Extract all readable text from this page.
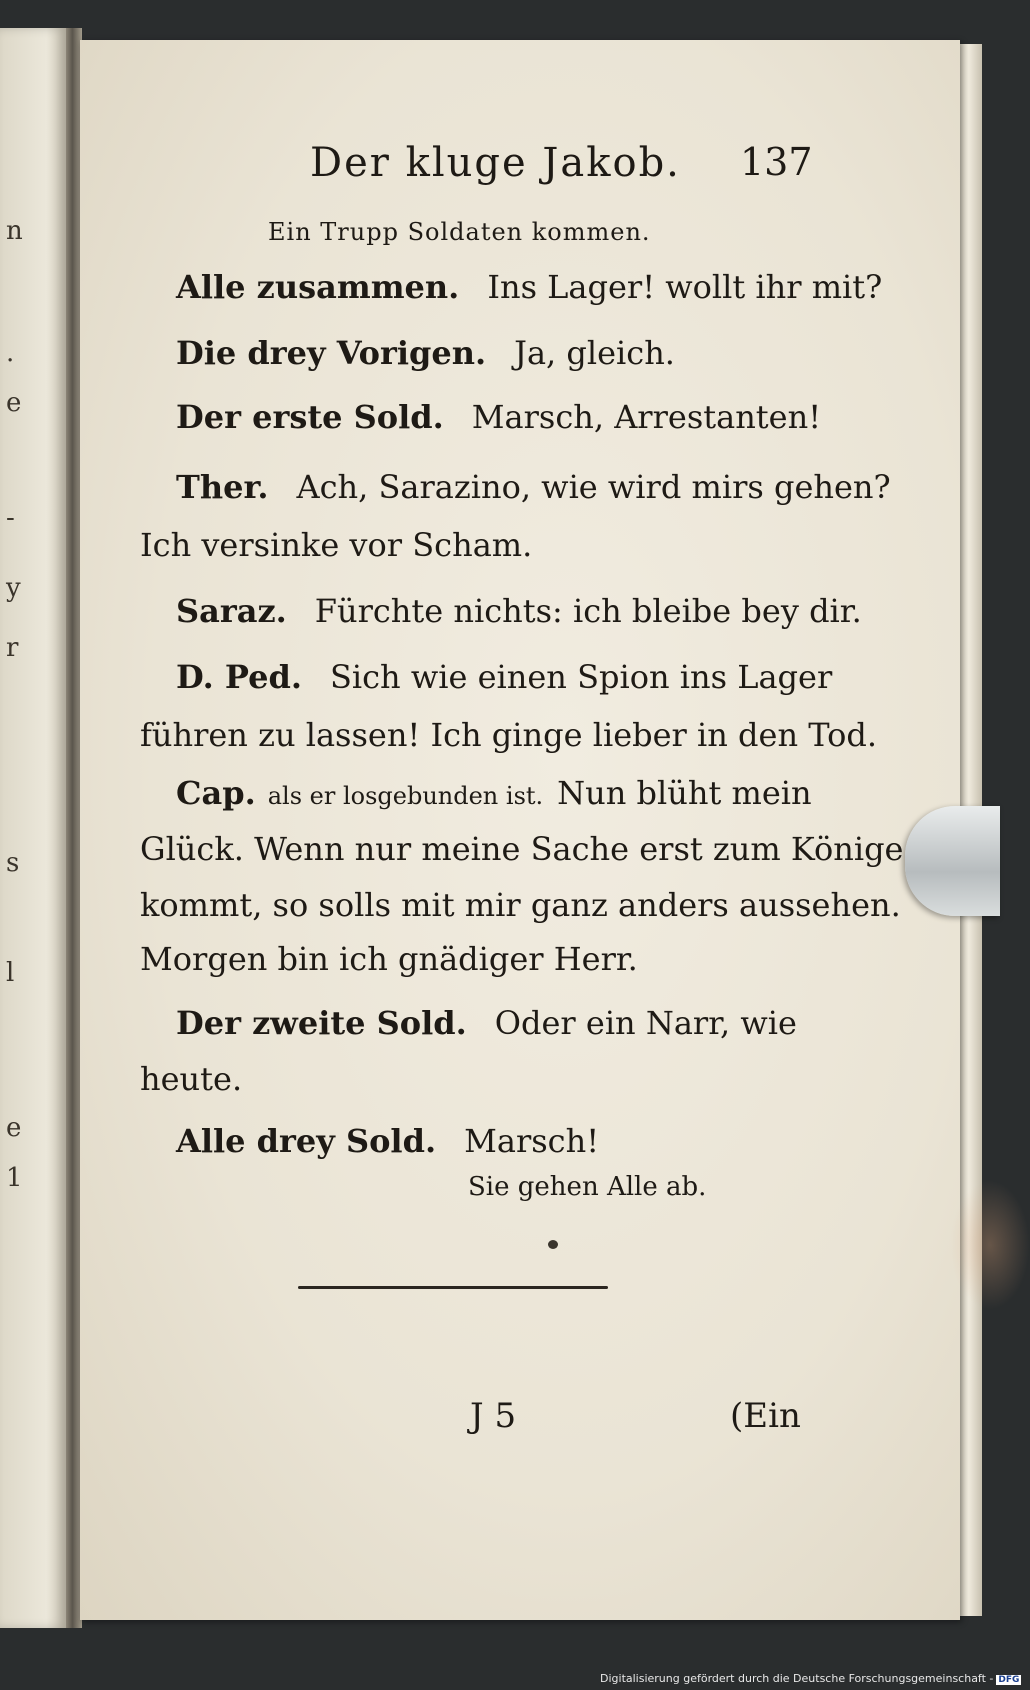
n
.
e
-
y
r
s
l
e
1
Der kluge Jakob. 137
Ein Trupp Soldaten kommen.
Alle zusammen. Ins Lager! wollt ihr mit?
Die drey Vorigen. Ja, gleich.
Der erste Sold. Marsch, Arrestanten!
Ther. Ach, Sarazino, wie wird mirs gehen?
Ich versinke vor Scham.
Saraz. Fürchte nichts: ich bleibe bey dir.
D. Ped. Sich wie einen Spion ins Lager
führen zu lassen! Ich ginge lieber in den Tod.
Cap. als er losgebunden ist. Nun blüht mein
Glück. Wenn nur meine Sache erst zum Könige
kommt, so solls mit mir ganz anders aussehen.
Morgen bin ich gnädiger Herr.
Der zweite Sold. Oder ein Narr, wie
heute.
Alle drey Sold. Marsch!
Sie gehen Alle ab.
J 5	(Ein
Digitalisierung gefördert durch die Deutsche Forschungsgemeinschaft - DFG
